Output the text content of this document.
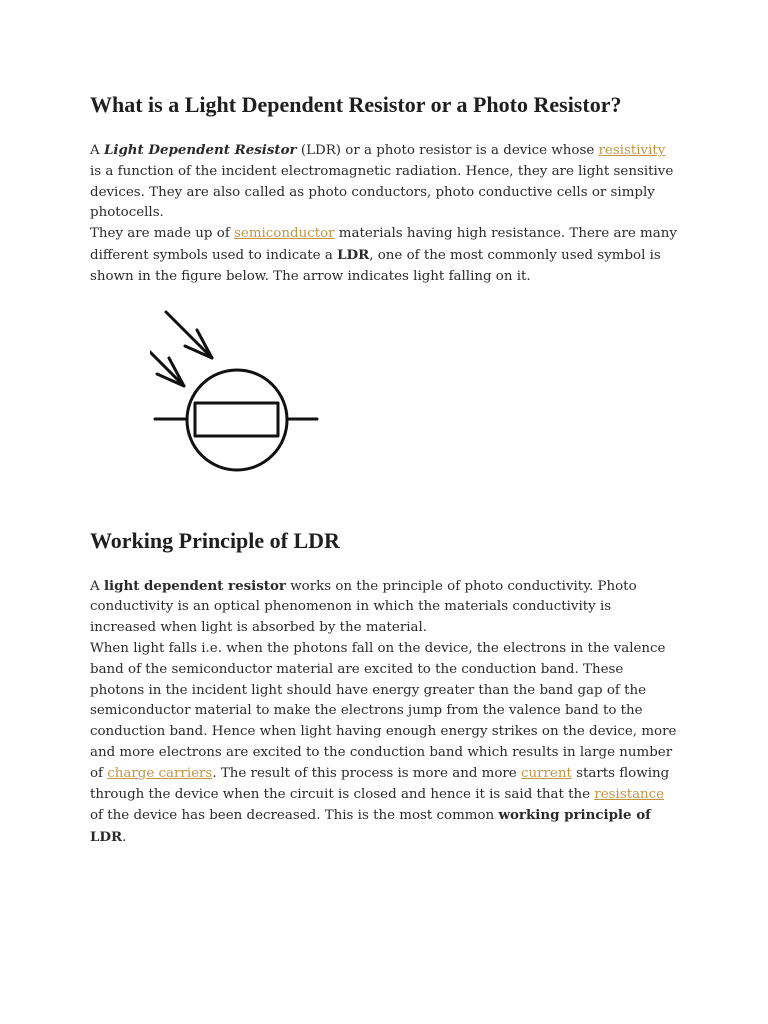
What is a Light Dependent Resistor or a Photo Resistor?

A Light Dependent Resistor (LDR) or a photo resistor is a device whose resistivity is a function of the incident electromagnetic radiation. Hence, they are light sensitive devices. They are also called as photo conductors, photo conductive cells or simply photocells.

They are made up of semiconductor materials having high resistance. There are many different symbols used to indicate a LDR, one of the most commonly used symbol is shown in the figure below. The arrow indicates light falling on it.

Working Principle of LDR

A light dependent resistor works on the principle of photo conductivity. Photo conductivity is an optical phenomenon in which the materials conductivity is increased when light is absorbed by the material.

When light falls i.e. when the photons fall on the device, the electrons in the valence band of the semiconductor material are excited to the conduction band. These photons in the incident light should have energy greater than the band gap of the semiconductor material to make the electrons jump from the valence band to the conduction band. Hence when light having enough energy strikes on the device, more and more electrons are excited to the conduction band which results in large number of charge carriers. The result of this process is more and more current starts flowing through the device when the circuit is closed and hence it is said that the resistance of the device has been decreased. This is the most common working principle of LDR.
